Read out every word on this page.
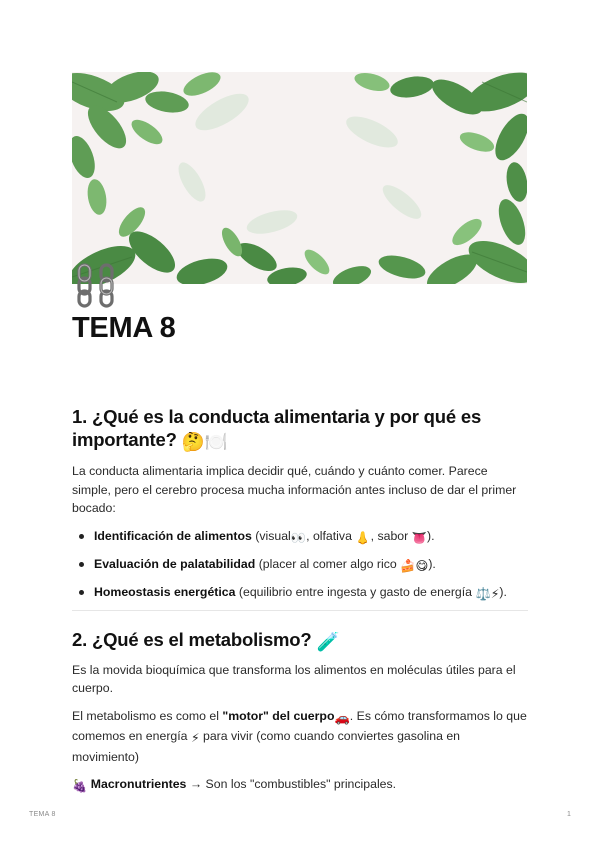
TEMA 8
1. ¿Qué es la conducta alimentaria y por qué es importante? 🤔🍽️

La conducta alimentaria implica decidir qué, cuándo y cuánto comer. Parece simple, pero el cerebro procesa mucha información antes incluso de dar el primer bocado:

Identificación de alimentos (visual👀, olfativa 👃, sabor 👅).
Evaluación de palatabilidad (placer al comer algo rico 🍰😋).
Homeostasis energética (equilibrio entre ingesta y gasto de energía ⚖️⚡).
2. ¿Qué es el metabolismo? 🧪

Es la movida bioquímica que transforma los alimentos en moléculas útiles para el cuerpo.

El metabolismo es como el "motor" del cuerpo🚗. Es cómo transformamos lo que comemos en energía ⚡ para vivir (como cuando conviertes gasolina en movimiento)

🍇 Macronutrientes → Son los "combustibles" principales.

TEMA 8	1
